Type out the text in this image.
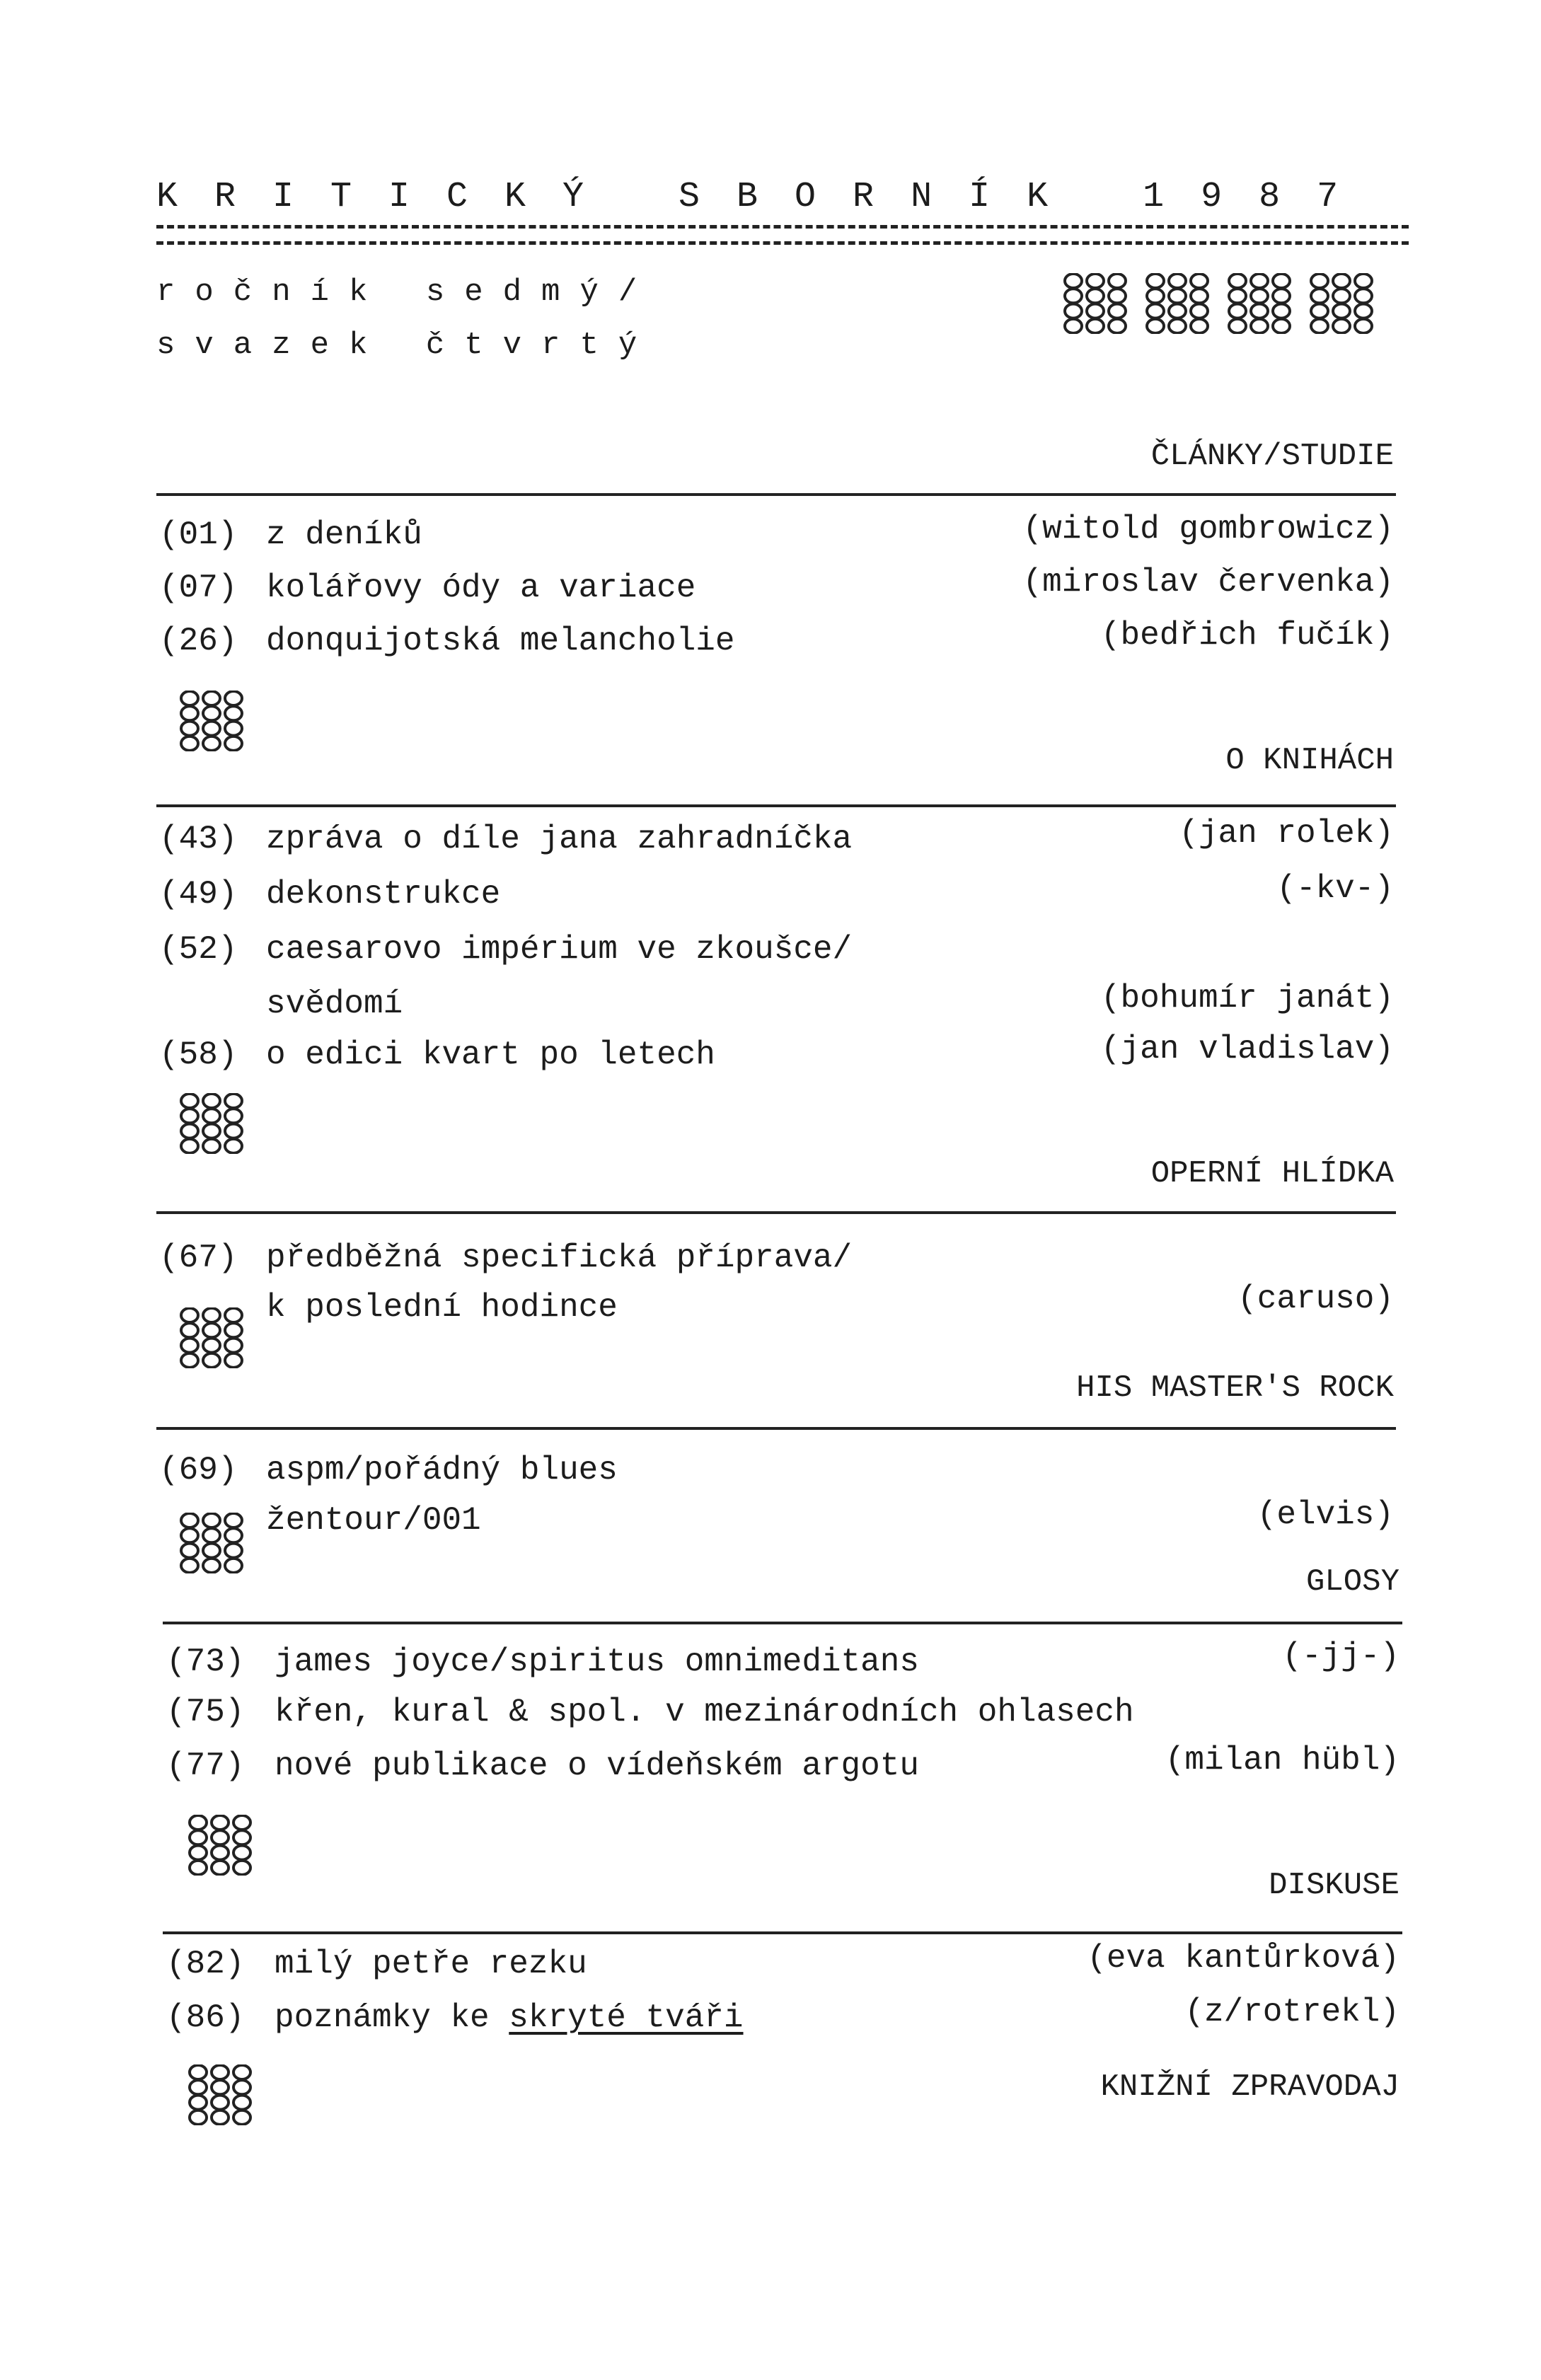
KRITICKÝ SBORNÍK 1987
ročník sedmý/
svazek čtvrtý
ČLÁNKY/STUDIE
(01) z deníků	(witold gombrowicz)
(07) kolářovy ódy a variace	(miroslav červenka)
(26) donquijotská melancholie	(bedřich fučík)
O KNIHÁCH
(43) zpráva o díle jana zahradníčka	(jan rolek)
(49) dekonstrukce	(-kv-)
(52) caesarovo impérium ve zkoušce/
svědomí	(bohumír janát)
(58) o edici kvart po letech	(jan vladislav)
OPERNÍ HLÍDKA
(67) předběžná specifická příprava/
k poslední hodince	(caruso)
HIS MASTER'S ROCK
(69) aspm/pořádný blues
žentour/001	(elvis)
GLOSY
(73) james joyce/spiritus omnimeditans	(-jj-)
(75) křen, kural & spol. v mezinárodních ohlasech
(77) nové publikace o vídeňském argotu	(milan hübl)
DISKUSE
(82) milý petře rezku	(eva kantůrková)
(86) poznámky ke skryté tváři	(z/rotrekl)
KNIŽNÍ ZPRAVODAJ
